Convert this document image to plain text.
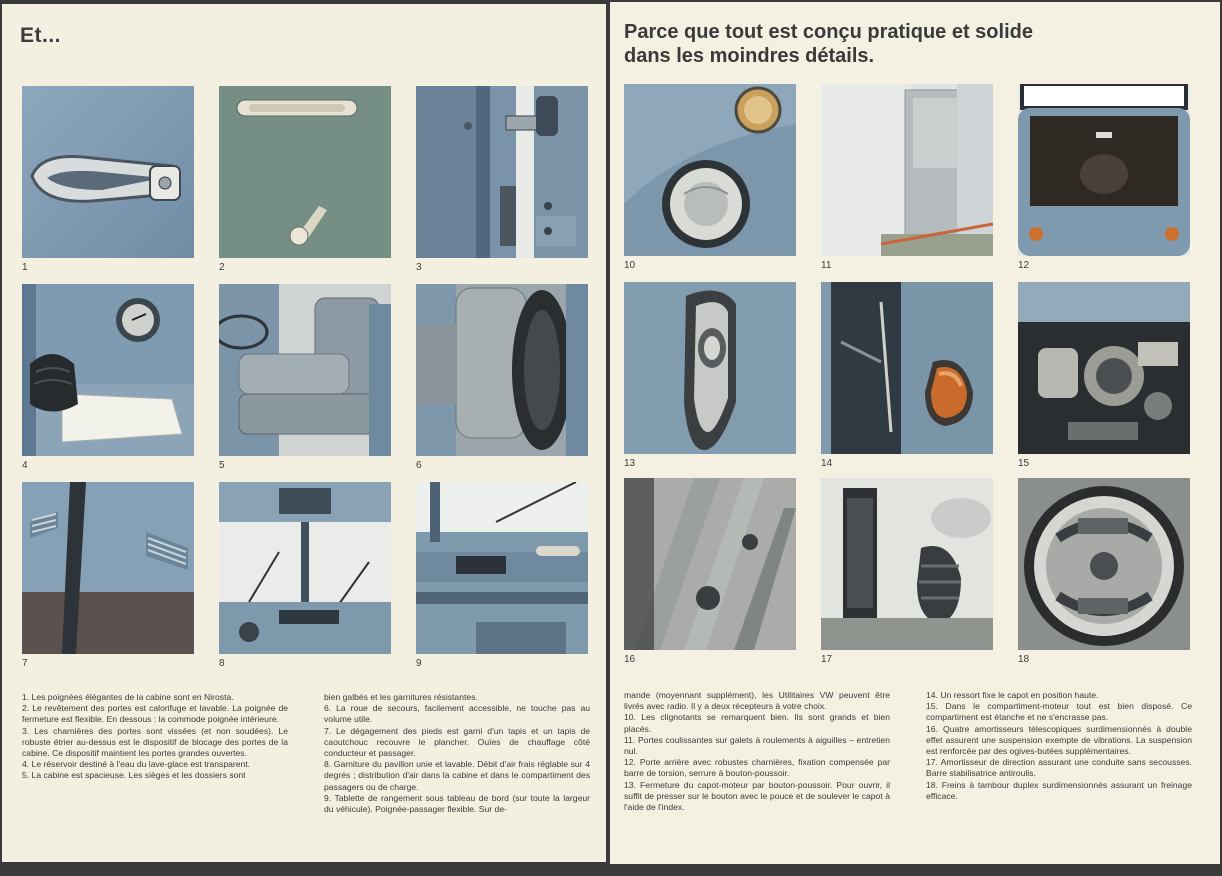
Et...
1	2	3
4	5	6
7	8	9

1. Les poignées élégantes de la cabine sont en Nirosta.

2. Le revêtement des portes est calorifuge et lavable. La poignée de fermeture est flexible. En dessous : la commode poignée intérieure.

3. Les charnières des portes sont vissées (et non soudées). Le robuste étrier au-dessus est le dispositif de blocage des portes de la cabine. Ce dispositif maintient les portes grandes ouvertes.

4. Le réservoir destiné à l'eau du lave-glace est transparent.

5. La cabine est spacieuse. Les sièges et les dossiers sont

bien galbés et les garnitures résistantes.

6. La roue de secours, facilement accessible, ne touche pas au volume utile.

7. Le dégagement des pieds est garni d'un tapis et un tapis de caoutchouc recouvre le plancher. Ouïes de chauffage côté conducteur et passager.

8. Garniture du pavillon unie et lavable. Débit d'air frais réglable sur 4 degrés ; distribution d'air dans la cabine et dans le compartiment des passagers ou de charge.

9. Tablette de rangement sous tableau de bord (sur toute la largeur du véhicule). Poignée-passager flexible. Sur de-

Parce que tout est conçu pratique et solide
dans les moindres détails.
10	11	12
13	14	15
16	17	18

mande (moyennant supplément), les Utilitaires VW peuvent être livrés avec radio. Il y a deux récepteurs à votre choix.

10. Les clignotants se remarquent bien. Ils sont grands et bien placés.

11. Portes coulissantes sur galets à roulements à aiguilles – entretien nul.

12. Porte arrière avec robustes charnières, fixation compensée par barre de torsion, serrure à bouton-poussoir.

13. Fermeture du capot-moteur par bouton-poussoir. Pour ouvrir, il suffit de presser sur le bouton avec le pouce et de soulever le capot à l'aide de l'index.

14. Un ressort fixe le capot en position haute.

15. Dans le compartiment-moteur tout est bien disposé. Ce compartiment est étanche et ne s'encrasse pas.

16. Quatre amortisseurs télescopiques surdimensionnés à double effet assurent une suspension exempte de vibrations. La suspension est renforcée par des ogives-butées supplémentaires.

17. Amortisseur de direction assurant une conduite sans secousses. Barre stabilisatrice antiroulis.

18. Freins à tambour duplex surdimensionnés assurant un freinage efficace.
